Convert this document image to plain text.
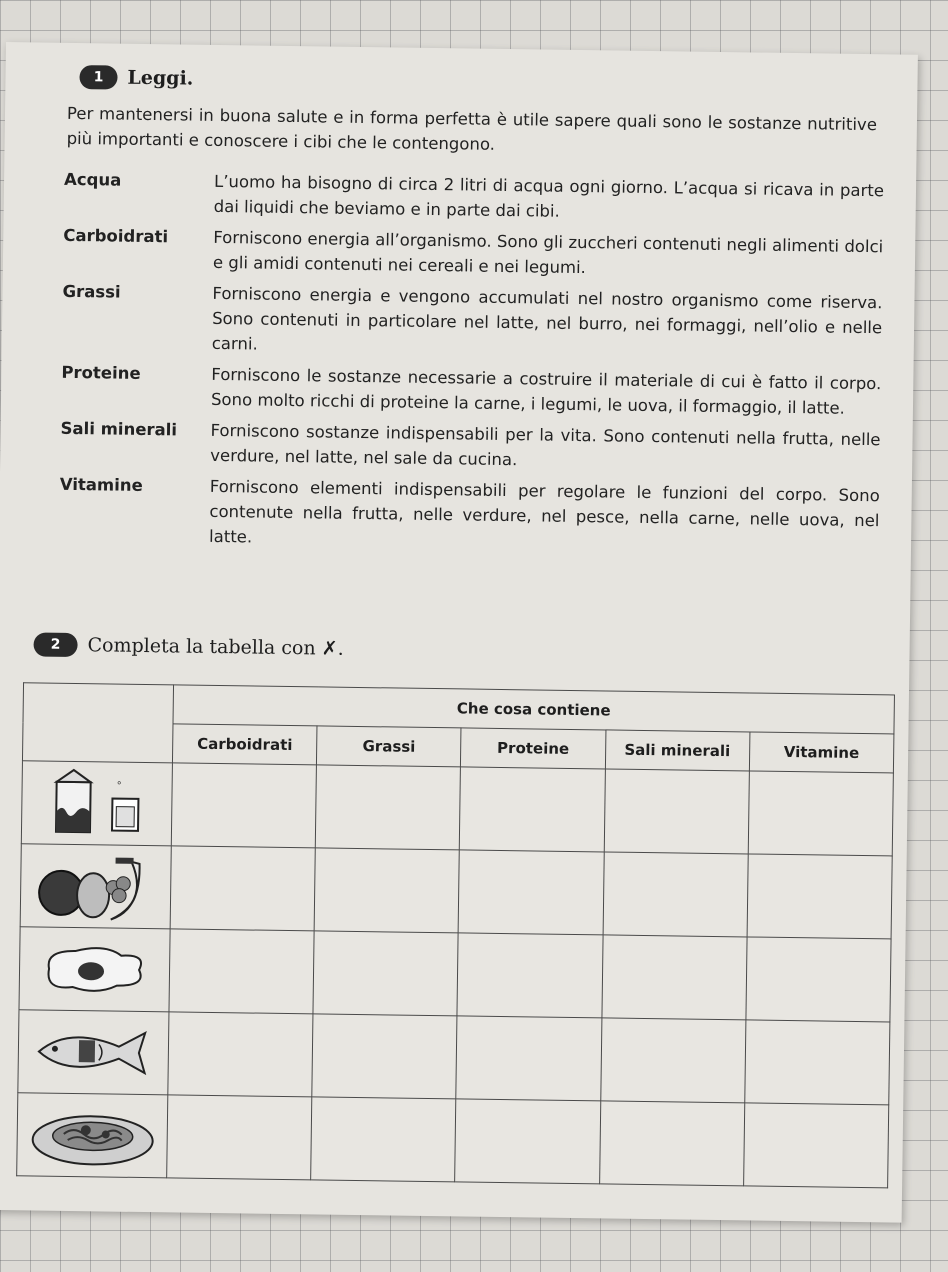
1	Leggi.
Per mantenersi in buona salute e in forma perfetta è utile sapere quali sono le sostanze nutritive più importanti e conoscere i cibi che le contengono.
Acqua	L’uomo ha bisogno di circa 2 litri di acqua ogni giorno. L’acqua si ricava in parte dai liquidi che beviamo e in parte dai cibi.
Carboidrati	Forniscono energia all’organismo. Sono gli zuccheri contenuti negli alimenti dolci e gli amidi contenuti nei cereali e nei legumi.
Grassi	Forniscono energia e vengono accumulati nel nostro organismo come riserva. Sono contenuti in particolare nel latte, nel burro, nei formaggi, nell’olio e nelle carni.
Proteine	Forniscono le sostanze necessarie a costruire il materiale di cui è fatto il corpo. Sono molto ricchi di proteine la carne, i legumi, le uova, il formaggio, il latte.
Sali minerali	Forniscono sostanze indispensabili per la vita. Sono contenuti nella frutta, nelle verdure, nel latte, nel sale da cucina.
Vitamine	Forniscono elementi indispensabili per regolare le funzioni del corpo. Sono contenute nella frutta, nelle verdure, nel pesce, nella carne, nelle uova, nel latte.
2	Completa la tabella con ✗.
	Che cosa contiene				
	Carboidrati	Grassi	Proteine	Sali minerali	Vitamine

°					
